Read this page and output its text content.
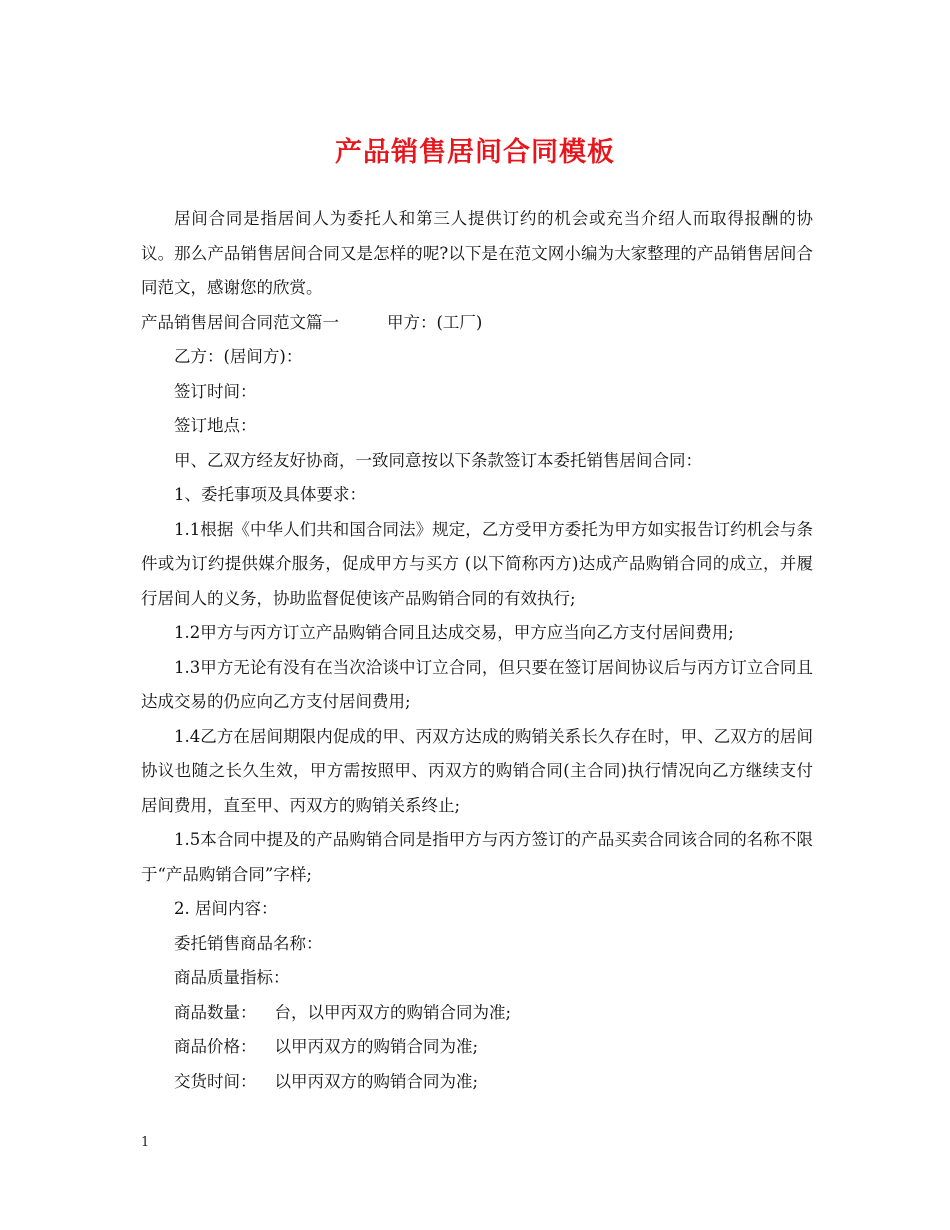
产品销售居间合同模板

居间合同是指居间人为委托人和第三人提供订约的机会或充当介绍人而取得报酬的协议。那么产品销售居间合同又是怎样的呢?以下是在范文网小编为大家整理的产品销售居间合同范文，感谢您的欣赏。

产品销售居间合同范文篇一	甲方：(工厂)

乙方：(居间方)：

签订时间：

签订地点：

甲、乙双方经友好协商，一致同意按以下条款签订本委托销售居间合同：

1、委托事项及具体要求：

1.1根据《中华人们共和国合同法》规定，乙方受甲方委托为甲方如实报告订约机会与条件或为订约提供媒介服务，促成甲方与买方 (以下简称丙方)达成产品购销合同的成立，并履行居间人的义务，协助监督促使该产品购销合同的有效执行;

1.2甲方与丙方订立产品购销合同且达成交易，甲方应当向乙方支付居间费用;

1.3甲方无论有没有在当次洽谈中订立合同，但只要在签订居间协议后与丙方订立合同且达成交易的仍应向乙方支付居间费用;

1.4乙方在居间期限内促成的甲、丙双方达成的购销关系长久存在时，甲、乙双方的居间协议也随之长久生效，甲方需按照甲、丙双方的购销合同(主合同)执行情况向乙方继续支付居间费用，直至甲、丙双方的购销关系终止;

1.5本合同中提及的产品购销合同是指甲方与丙方签订的产品买卖合同该合同的名称不限于“产品购销合同”字样;

2. 居间内容：

委托销售商品名称：

商品质量指标：

商品数量： 台，以甲丙双方的购销合同为准;

商品价格： 以甲丙双方的购销合同为准;

交货时间： 以甲丙双方的购销合同为准;

1
